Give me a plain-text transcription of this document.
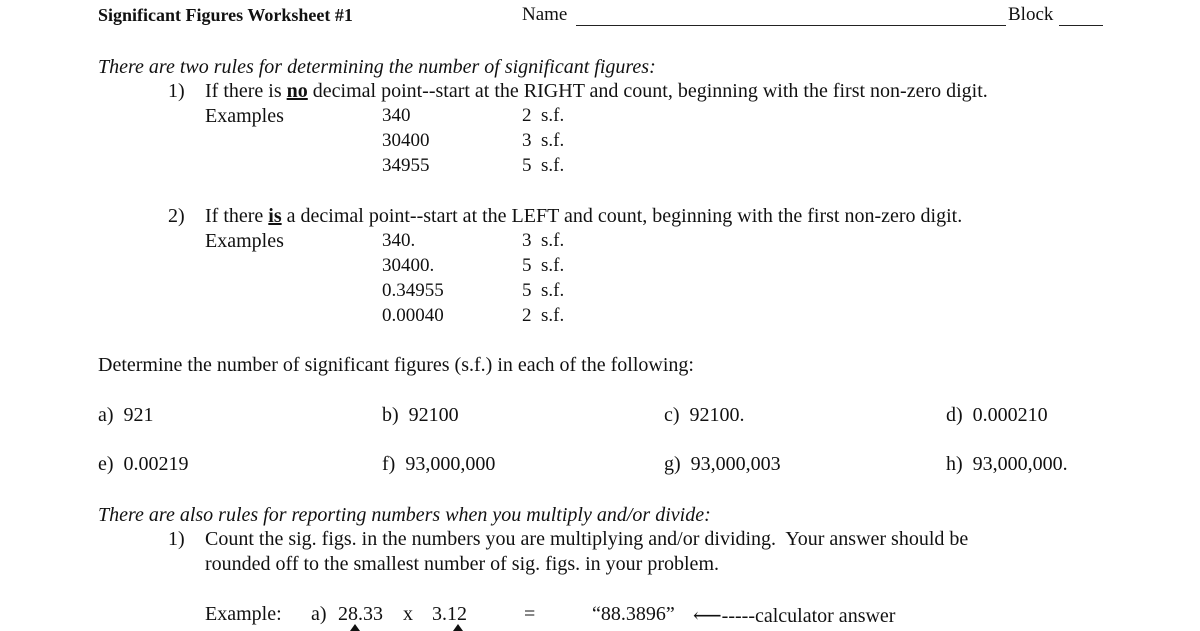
Significant Figures Worksheet #1	Name	Block
There are two rules for determining the number of significant figures:
1) If there is no decimal point--start at the RIGHT and count, beginning with the first non-zero digit.
Examples	340	2  s.f.
30400	3  s.f.
34955	5  s.f.
2) If there is a decimal point--start at the LEFT and count, beginning with the first non-zero digit.
Examples	340.	3  s.f.
30400.	5  s.f.
0.34955	5  s.f.
0.00040	2  s.f.
Determine the number of significant figures (s.f.) in each of the following:
a) 921	b) 92100	c) 92100.	d) 0.000210
e) 0.00219	f) 93,000,000	g) 93,000,003	h) 93,000,000.
There are also rules for reporting numbers when you multiply and/or divide:
1) Count the sig. figs. in the numbers you are multiplying and/or dividing.  Your answer should be
rounded off to the smallest number of sig. figs. in your problem.
Example: a) 28.33 x 3.12	=	“88.3896” ⟵-----calculator answer
